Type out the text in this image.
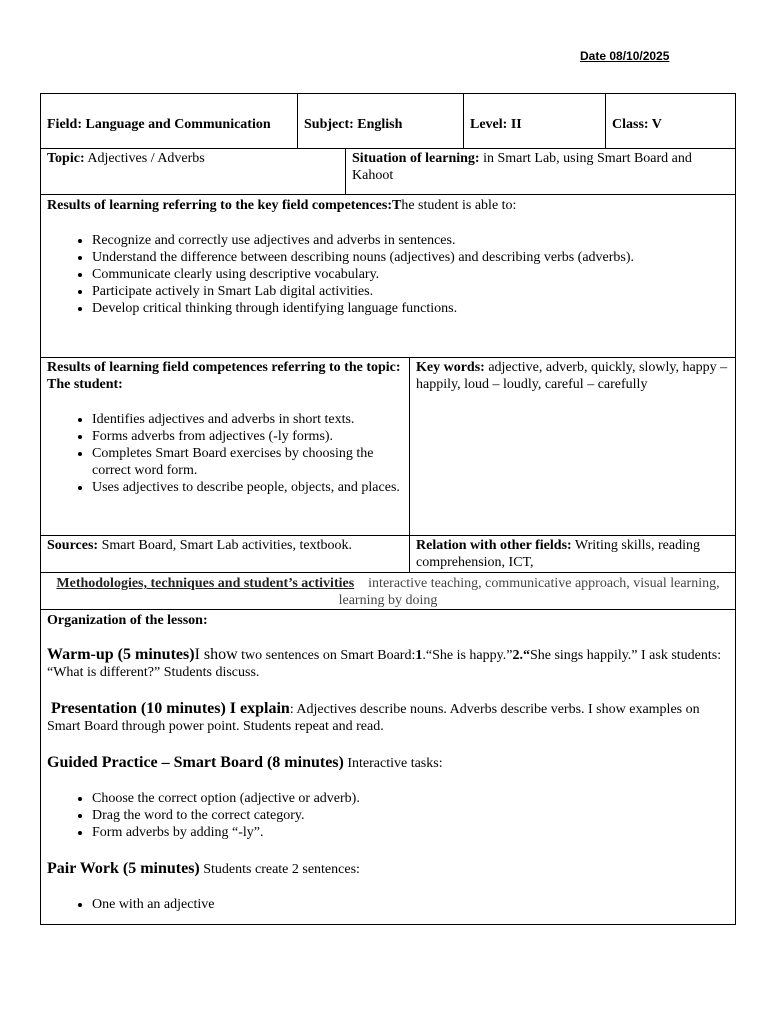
Date 08/10/2025
Field: Language and Communication	Subject: English	Level: II	Class: V
Topic: Adjectives / Adverbs	Situation of learning: in Smart Lab, using Smart Board and Kahoot
Results of learning referring to the key field competences:The student is able to:
• Recognize and correctly use adjectives and adverbs in sentences.
• Understand the difference between describing nouns (adjectives) and describing verbs (adverbs).
• Communicate clearly using descriptive vocabulary.
• Participate actively in Smart Lab digital activities.
• Develop critical thinking through identifying language functions.
Results of learning field competences referring to the topic: The student:
• Identifies adjectives and adverbs in short texts.
• Forms adverbs from adjectives (-ly forms).
• Completes Smart Board exercises by choosing the correct word form.
• Uses adjectives to describe people, objects, and places.
Key words: adjective, adverb, quickly, slowly, happy – happily, loud – loudly, careful – carefully
Sources: Smart Board, Smart Lab activities, textbook.	Relation with other fields: Writing skills, reading comprehension, ICT,
Methodologies, techniques and student’s activities    interactive teaching, communicative approach, visual learning, learning by doing
Organization of the lesson:
Warm-up (5 minutes)I show two sentences on Smart Board:1.“She is happy.”2.“She sings happily.” I ask students: “What is different?” Students discuss.
Presentation (10 minutes) I explain: Adjectives describe nouns. Adverbs describe verbs. I show examples on Smart Board through power point. Students repeat and read.
Guided Practice – Smart Board (8 minutes) Interactive tasks:
• Choose the correct option (adjective or adverb).
• Drag the word to the correct category.
• Form adverbs by adding “-ly”.
Pair Work (5 minutes) Students create 2 sentences:
• One with an adjective
